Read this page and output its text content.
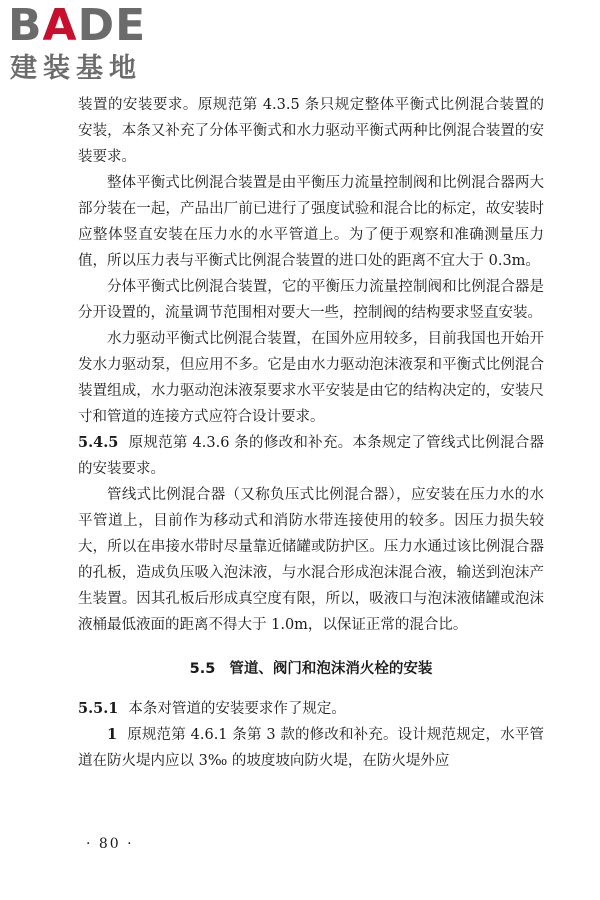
BADE
建装基地

装置的安装要求。原规范第 4.3.5 条只规定整体平衡式比例混合装置的安装，本条又补充了分体平衡式和水力驱动平衡式两种比例混合装置的安装要求。

整体平衡式比例混合装置是由平衡压力流量控制阀和比例混合器两大部分装在一起，产品出厂前已进行了强度试验和混合比的标定，故安装时应整体竖直安装在压力水的水平管道上。为了便于观察和准确测量压力值，所以压力表与平衡式比例混合装置的进口处的距离不宜大于 0.3m。

分体平衡式比例混合装置，它的平衡压力流量控制阀和比例混合器是分开设置的，流量调节范围相对要大一些，控制阀的结构要求竖直安装。

水力驱动平衡式比例混合装置，在国外应用较多，目前我国也开始开发水力驱动泵，但应用不多。它是由水力驱动泡沫液泵和平衡式比例混合装置组成，水力驱动泡沫液泵要求水平安装是由它的结构决定的，安装尺寸和管道的连接方式应符合设计要求。

5.4.5 原规范第 4.3.6 条的修改和补充。本条规定了管线式比例混合器的安装要求。

管线式比例混合器（又称负压式比例混合器），应安装在压力水的水平管道上，目前作为移动式和消防水带连接使用的较多。因压力损失较大，所以在串接水带时尽量靠近储罐或防护区。压力水通过该比例混合器的孔板，造成负压吸入泡沫液，与水混合形成泡沫混合液，输送到泡沫产生装置。因其孔板后形成真空度有限，所以，吸液口与泡沫液储罐或泡沫液桶最低液面的距离不得大于 1.0m，以保证正常的混合比。

5.5 管道、阀门和泡沫消火栓的安装

5.5.1 本条对管道的安装要求作了规定。

1 原规范第 4.6.1 条第 3 款的修改和补充。设计规范规定，水平管道在防火堤内应以 3‰ 的坡度坡向防火堤，在防火堤外应

· 80 ·
